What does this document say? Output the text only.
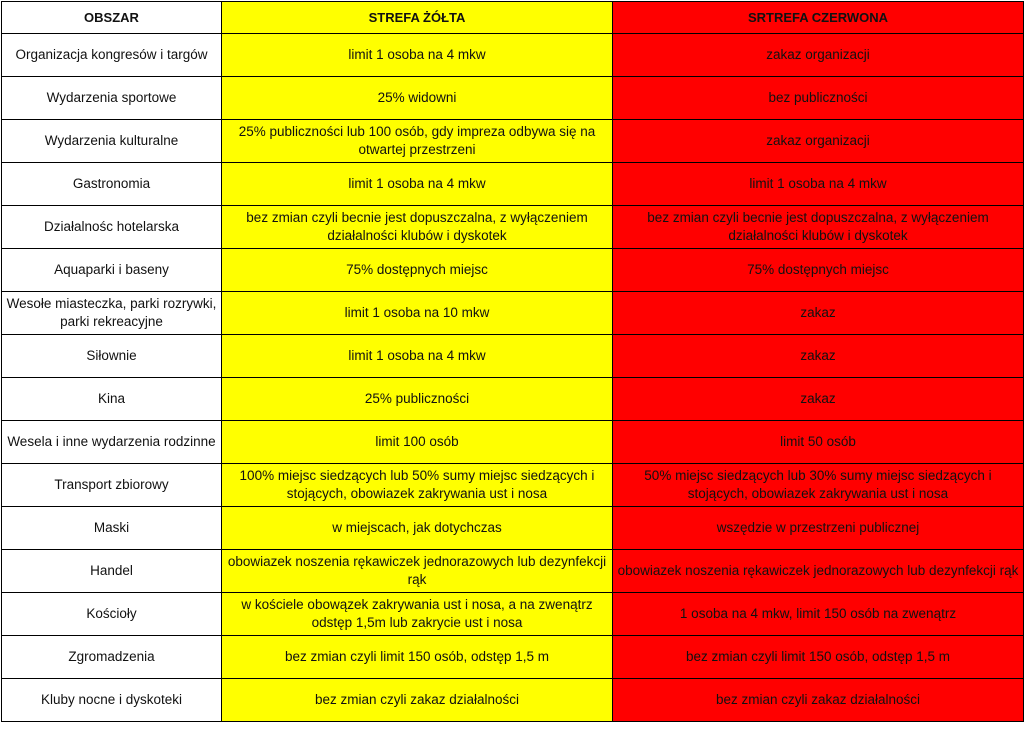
OBSZAR	STREFA ŻÓŁTA	SRTREFA CZERWONA
Organizacja kongresów i targów	limit 1 osoba na 4 mkw	zakaz organizacji
Wydarzenia sportowe	25% widowni	bez publiczności
Wydarzenia kulturalne	25% publiczności lub 100 osób, gdy impreza odbywa się na otwartej przestrzeni	zakaz organizacji
Gastronomia	limit 1 osoba na 4 mkw	limit 1 osoba na 4 mkw
Działalnośc hotelarska	bez zmian czyli becnie jest dopuszczalna, z wyłączeniem działalności klubów i dyskotek	bez zmian czyli becnie jest dopuszczalna, z wyłączeniem działalności klubów i dyskotek
Aquaparki i baseny	75% dostępnych miejsc	75% dostępnych miejsc
Wesołe miasteczka, parki rozrywki, parki rekreacyjne	limit 1 osoba na 10 mkw	zakaz
Siłownie	limit 1 osoba na 4 mkw	zakaz
Kina	25% publiczności	zakaz
Wesela i inne wydarzenia rodzinne	limit 100 osób	limit 50 osób
Transport zbiorowy	100% miejsc siedzących lub 50% sumy miejsc siedzących i stojących, obowiazek zakrywania ust i nosa	50% miejsc siedzących lub 30% sumy miejsc siedzących i stojących, obowiazek zakrywania ust i nosa
Maski	w miejscach, jak dotychczas	wszędzie w przestrzeni publicznej
Handel	obowiazek noszenia rękawiczek jednorazowych lub dezynfekcji rąk	obowiazek noszenia rękawiczek jednorazowych lub dezynfekcji rąk
Kościoły	w kościele obowązek zakrywania ust i nosa, a na zwenątrz odstęp 1,5m lub zakrycie ust i nosa	1 osoba na 4 mkw, limit 150 osób na zwenątrz
Zgromadzenia	bez zmian czyli limit 150 osób, odstęp 1,5 m	bez zmian czyli limit 150 osób, odstęp 1,5 m
Kluby nocne i dyskoteki	bez zmian czyli zakaz działalności	bez zmian czyli zakaz działalności
